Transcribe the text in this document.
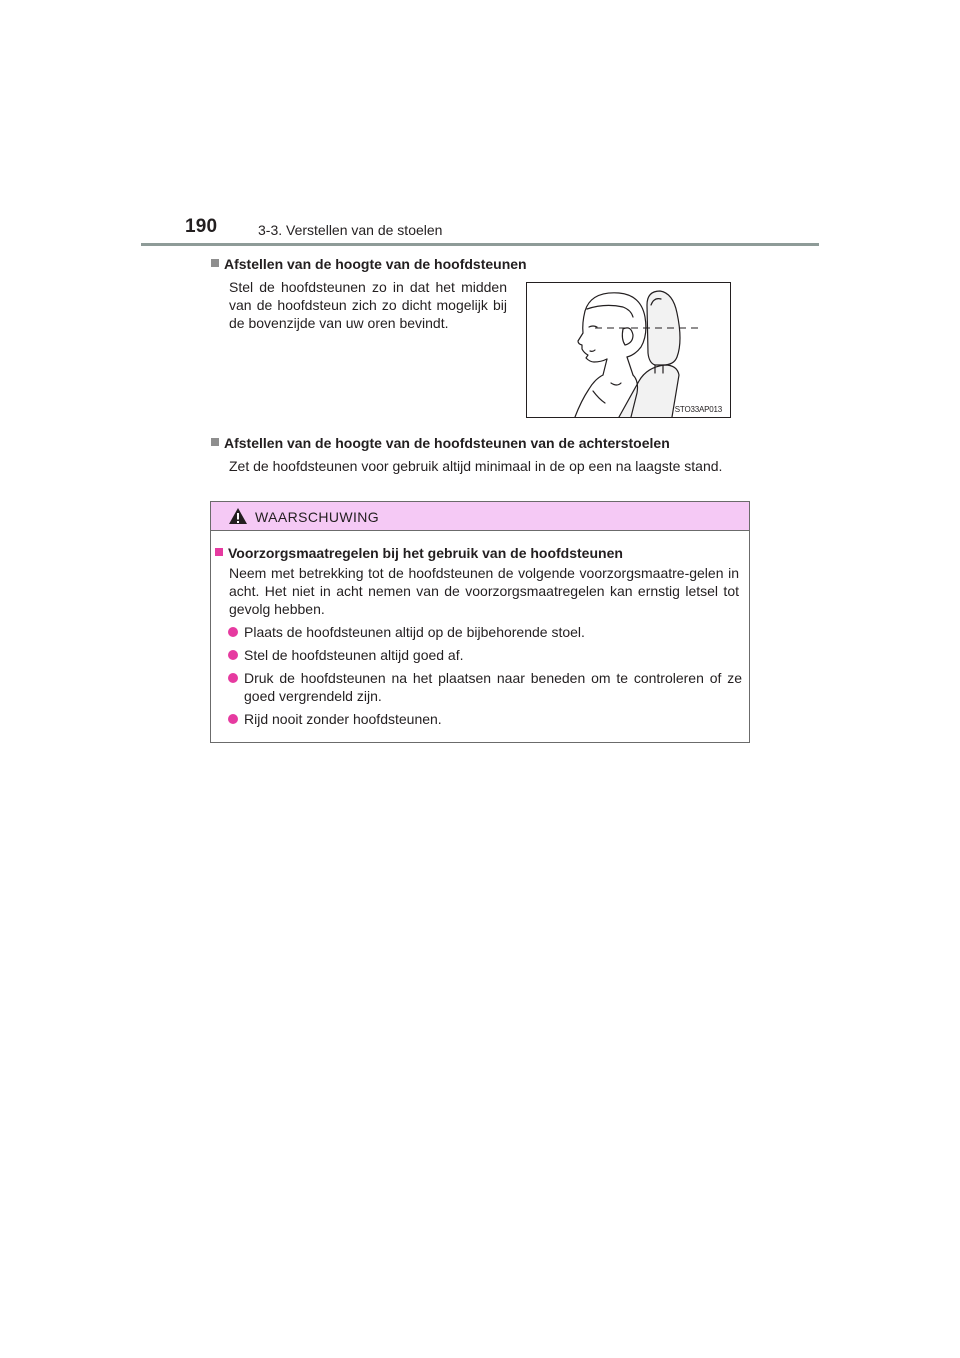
190	3-3. Verstellen van de stoelen
Afstellen van de hoogte van de hoofdsteunen
Stel de hoofdsteunen zo in dat het midden van de hoofdsteun zich zo dicht mogelijk bij de bovenzijde van uw oren bevindt.
STO33AP013
Afstellen van de hoogte van de hoofdsteunen van de achterstoelen
Zet de hoofdsteunen voor gebruik altijd minimaal in de op een na laagste stand.
WAARSCHUWING
Voorzorgsmaatregelen bij het gebruik van de hoofdsteunen
Neem met betrekking tot de hoofdsteunen de volgende voorzorgsmaatre-gelen in acht. Het niet in acht nemen van de voorzorgsmaatregelen kan ernstig letsel tot gevolg hebben.
Plaats de hoofdsteunen altijd op de bijbehorende stoel.
Stel de hoofdsteunen altijd goed af.
Druk de hoofdsteunen na het plaatsen naar beneden om te controleren of ze goed vergrendeld zijn.
Rijd nooit zonder hoofdsteunen.
